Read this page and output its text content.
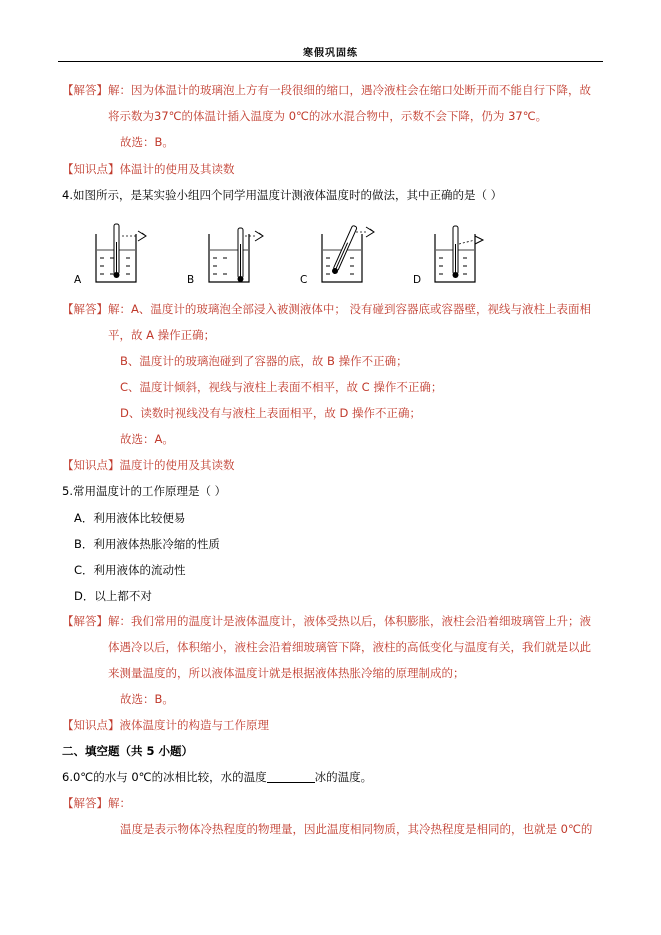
寒假巩固练
【解答】解：因为体温计的玻璃泡上方有一段很细的缩口，遇冷液柱会在缩口处断开而不能自行下降，故
将示数为37℃的体温计插入温度为 0℃的冰水混合物中，示数不会下降，仍为 37℃。
故选：B。
【知识点】体温计的使用及其读数
4.如图所示，是某实验小组四个同学用温度计测液体温度时的做法，其中正确的是（ ）
A	B	C	D
【解答】解：A、温度计的玻璃泡全部浸入被测液体中； 没有碰到容器底或容器壁，视线与液柱上表面相
平，故 A 操作正确；
B、温度计的玻璃泡碰到了容器的底，故 B 操作不正确；
C、温度计倾斜，视线与液柱上表面不相平，故 C 操作不正确；
D、读数时视线没有与液柱上表面相平，故 D 操作不正确；
故选：A。
【知识点】温度计的使用及其读数
5.常用温度计的工作原理是（ ）
A．利用液体比较便易
B．利用液体热胀冷缩的性质
C．利用液体的流动性
D．以上都不对
【解答】解：我们常用的温度计是液体温度计，液体受热以后，体积膨胀，液柱会沿着细玻璃管上升；液
体遇冷以后，体积缩小，液柱会沿着细玻璃管下降，液柱的高低变化与温度有关，我们就是以此
来测量温度的，所以液体温度计就是根据液体热胀冷缩的原理制成的；
故选：B。
【知识点】液体温度计的构造与工作原理
二、填空题（共 5 小题）
6.0℃的水与 0℃的冰相比较，水的温度	冰的温度。
【解答】解：
温度是表示物体冷热程度的物理量，因此温度相同物质，其冷热程度是相同的，也就是 0℃的
